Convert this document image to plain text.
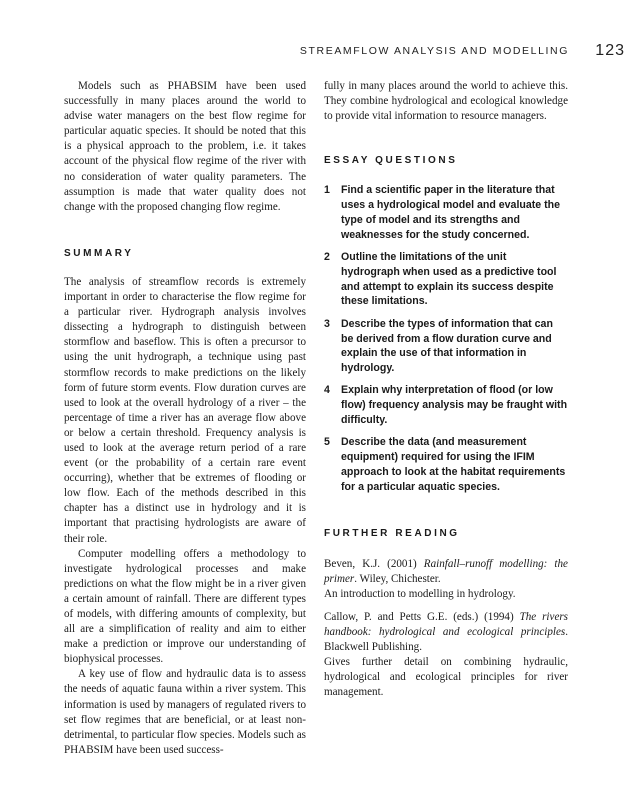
STREAMFLOW ANALYSIS AND MODELLING 123

Models such as PHABSIM have been used successfully in many places around the world to advise water managers on the best flow regime for particular aquatic species. It should be noted that this is a physical approach to the problem, i.e. it takes account of the physical flow regime of the river with no consideration of water quality parameters. The assumption is made that water quality does not change with the proposed changing flow regime.

SUMMARY

The analysis of streamflow records is extremely important in order to characterise the flow regime for a particular river. Hydrograph analysis involves dissecting a hydrograph to distinguish between stormflow and baseflow. This is often a precursor to using the unit hydrograph, a technique using past stormflow records to make predictions on the likely form of future storm events. Flow duration curves are used to look at the overall hydrology of a river – the percentage of time a river has an average flow above or below a certain threshold. Frequency analysis is used to look at the average return period of a rare event (or the probability of a certain rare event occurring), whether that be extremes of flooding or low flow. Each of the methods described in this chapter has a distinct use in hydrology and it is important that practising hydrologists are aware of their role.

Computer modelling offers a methodology to investigate hydrological processes and make predictions on what the flow might be in a river given a certain amount of rainfall. There are different types of models, with differing amounts of complexity, but all are a simplification of reality and aim to either make a prediction or improve our understanding of biophysical processes.

A key use of flow and hydraulic data is to assess the needs of aquatic fauna within a river system. This information is used by managers of regulated rivers to set flow regimes that are beneficial, or at least non-detrimental, to particular flow species. Models such as PHABSIM have been used success-

fully in many places around the world to achieve this. They combine hydrological and ecological knowledge to provide vital information to resource managers.

ESSAY QUESTIONS
1 Find a scientific paper in the literature that uses a hydrological model and evaluate the type of model and its strengths and weaknesses for the study concerned.
2 Outline the limitations of the unit hydrograph when used as a predictive tool and attempt to explain its success despite these limitations.
3 Describe the types of information that can be derived from a flow duration curve and explain the use of that information in hydrology.
4 Explain why interpretation of flood (or low flow) frequency analysis may be fraught with difficulty.
5 Describe the data (and measurement equipment) required for using the IFIM approach to look at the habitat requirements for a particular aquatic species.
FURTHER READING

Beven, K.J. (2001) Rainfall–runoff modelling: the primer. Wiley, Chichester.

An introduction to modelling in hydrology.

Callow, P. and Petts G.E. (eds.) (1994) The rivers handbook: hydrological and ecological principles. Blackwell Publishing.

Gives further detail on combining hydraulic, hydrological and ecological principles for river management.
